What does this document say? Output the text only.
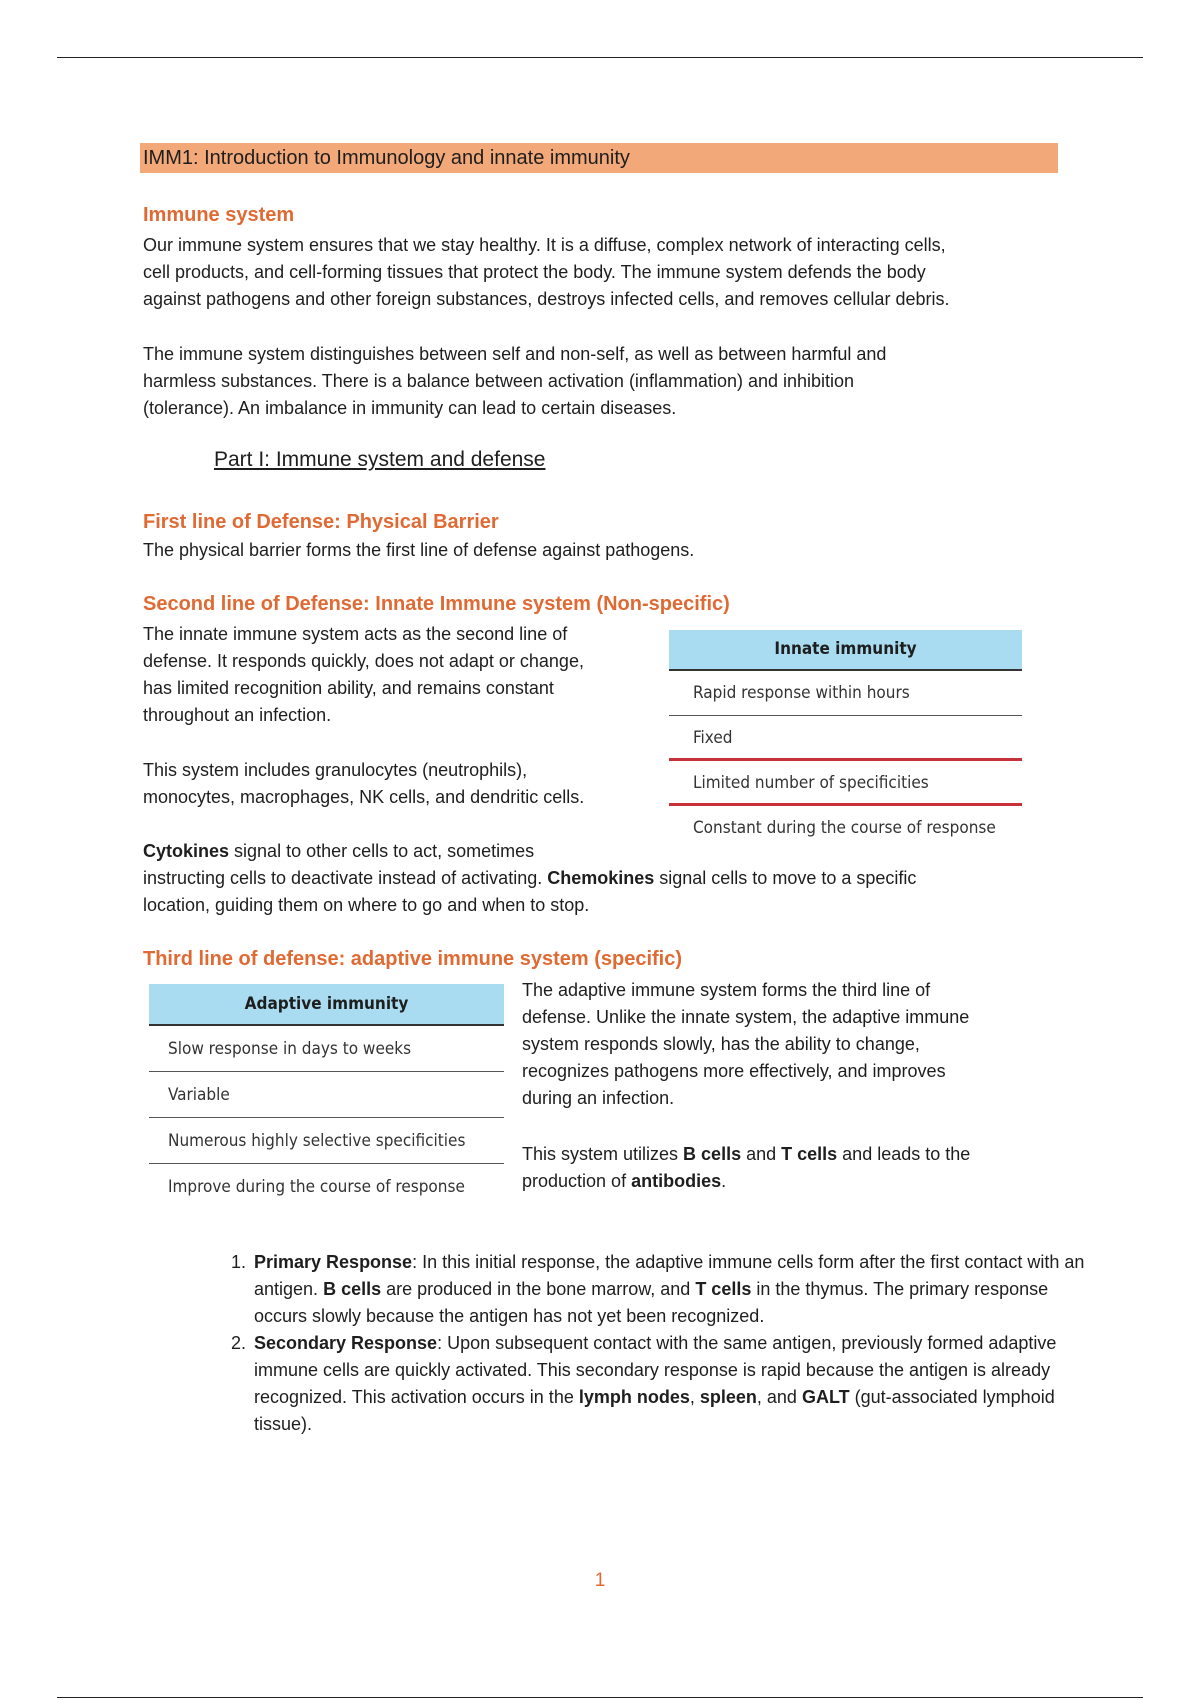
IMM1: Introduction to Immunology and innate immunity
Immune system

Our immune system ensures that we stay healthy. It is a diffuse, complex network of interacting cells,
cell products, and cell-forming tissues that protect the body. The immune system defends the body
against pathogens and other foreign substances, destroys infected cells, and removes cellular debris.

The immune system distinguishes between self and non-self, as well as between harmful and
harmless substances. There is a balance between activation (inflammation) and inhibition
(tolerance). An imbalance in immunity can lead to certain diseases.

Part I: Immune system and defense
First line of Defense: Physical Barrier

The physical barrier forms the first line of defense against pathogens.

Second line of Defense: Innate Immune system (Non-specific)

The innate immune system acts as the second line of
defense. It responds quickly, does not adapt or change,
has limited recognition ability, and remains constant
throughout an infection.

This system includes granulocytes (neutrophils),
monocytes, macrophages, NK cells, and dendritic cells.

Cytokines signal to other cells to act, sometimes
instructing cells to deactivate instead of activating. Chemokines signal cells to move to a specific
location, guiding them on where to go and when to stop.

Innate immunity
Rapid response within hours
Fixed
Limited number of specificities
Constant during the course of response
Third line of defense: adaptive immune system (specific)
Adaptive immunity
Slow response in days to weeks
Variable
Numerous highly selective specificities
Improve during the course of response

The adaptive immune system forms the third line of
defense. Unlike the innate system, the adaptive immune
system responds slowly, has the ability to change,
recognizes pathogens more effectively, and improves
during an infection.

This system utilizes B cells and T cells and leads to the
production of antibodies.

1. Primary Response: In this initial response, the adaptive immune cells form after the first contact with an antigen. B cells are produced in the bone marrow, and T cells in the thymus. The primary response occurs slowly because the antigen has not yet been recognized.
2. Secondary Response: Upon subsequent contact with the same antigen, previously formed adaptive immune cells are quickly activated. This secondary response is rapid because the antigen is already recognized. This activation occurs in the lymph nodes, spleen, and GALT (gut-associated lymphoid tissue).
1
